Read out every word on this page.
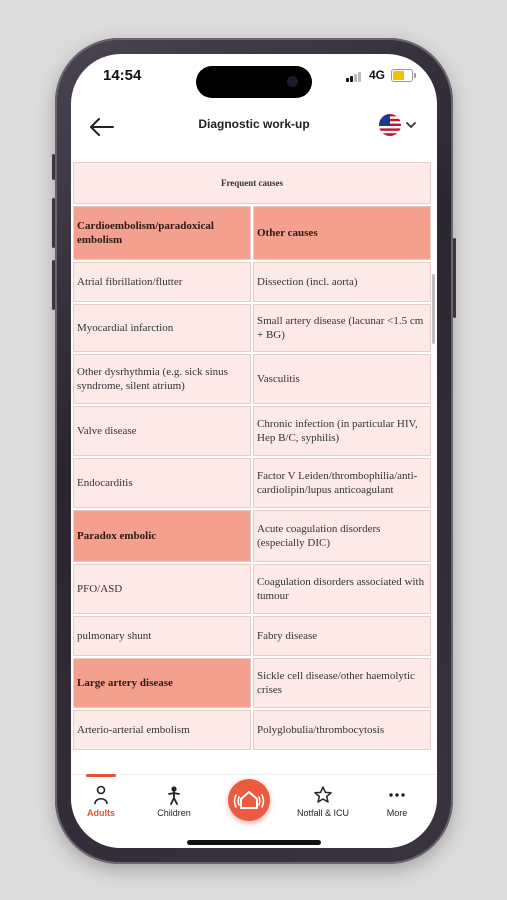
14:54	4G
Diagnostic work-up
Frequent causes	
Cardioembolism/paradoxical embolism	Other causes
Atrial fibrillation/flutter	Dissection (incl. aorta)
Myocardial infarction	Small artery disease (lacunar <1.5 cm + BG)
Other dysrhythmia (e.g. sick sinus syndrome, silent atrium)	Vasculitis
Valve disease	Chronic infection (in particular HIV, Hep B/C, syphilis)
Endocarditis	Factor V Leiden/thrombophilia/anti-cardiolipin/lupus anticoagulant
Paradox embolic	Acute coagulation disorders (especially DIC)
PFO/ASD	Coagulation disorders associated with tumour
pulmonary shunt	Fabry disease
Large artery disease	Sickle cell disease/other haemolytic crises
Arterio-arterial embolism	Polyglobulia/thrombocytosis
Adults	Children	Notfall & ICU	More
